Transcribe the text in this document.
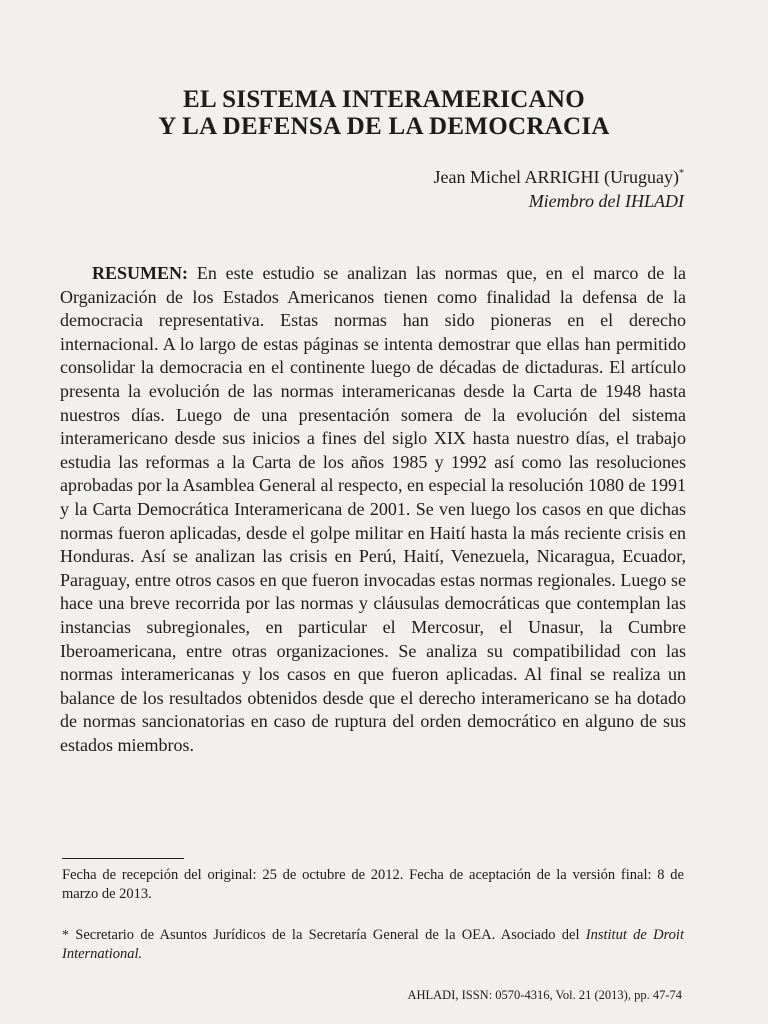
EL SISTEMA INTERAMERICANO
Y LA DEFENSA DE LA DEMOCRACIA
Jean Michel ARRIGHI (Uruguay)*
Miembro del IHLADI

RESUMEN: En este estudio se analizan las normas que, en el marco de la Organización de los Estados Americanos tienen como finalidad la defensa de la democracia representativa. Estas normas han sido pioneras en el derecho internacional. A lo largo de estas páginas se intenta demostrar que ellas han permitido consolidar la democracia en el continente luego de décadas de dictaduras. El artículo presenta la evolución de las normas interamericanas desde la Carta de 1948 hasta nuestros días. Luego de una presentación somera de la evolución del sistema interamericano desde sus inicios a fines del siglo XIX hasta nuestro días, el trabajo estudia las reformas a la Carta de los años 1985 y 1992 así como las resoluciones aprobadas por la Asamblea General al respecto, en especial la resolución 1080 de 1991 y la Carta Democrática Interamericana de 2001. Se ven luego los casos en que dichas normas fueron aplicadas, desde el golpe militar en Haití hasta la más reciente crisis en Honduras. Así se analizan las crisis en Perú, Haití, Venezuela, Nicaragua, Ecuador, Paraguay, entre otros casos en que fueron invocadas estas normas regionales. Luego se hace una breve recorrida por las normas y cláusulas democráticas que contemplan las instancias subregionales, en particular el Mercosur, el Unasur, la Cumbre Iberoamericana, entre otras organizaciones. Se analiza su compatibilidad con las normas interamericanas y los casos en que fueron aplicadas. Al final se realiza un balance de los resultados obtenidos desde que el derecho interamericano se ha dotado de normas sancionatorias en caso de ruptura del orden democrático en alguno de sus estados miembros.

Fecha de recepción del original: 25 de octubre de 2012. Fecha de aceptación de la versión final: 8 de marzo de 2013.

* Secretario de Asuntos Jurídicos de la Secretaría General de la OEA. Asociado del Institut de Droit International.

AHLADI, ISSN: 0570-4316, Vol. 21 (2013), pp. 47-74
